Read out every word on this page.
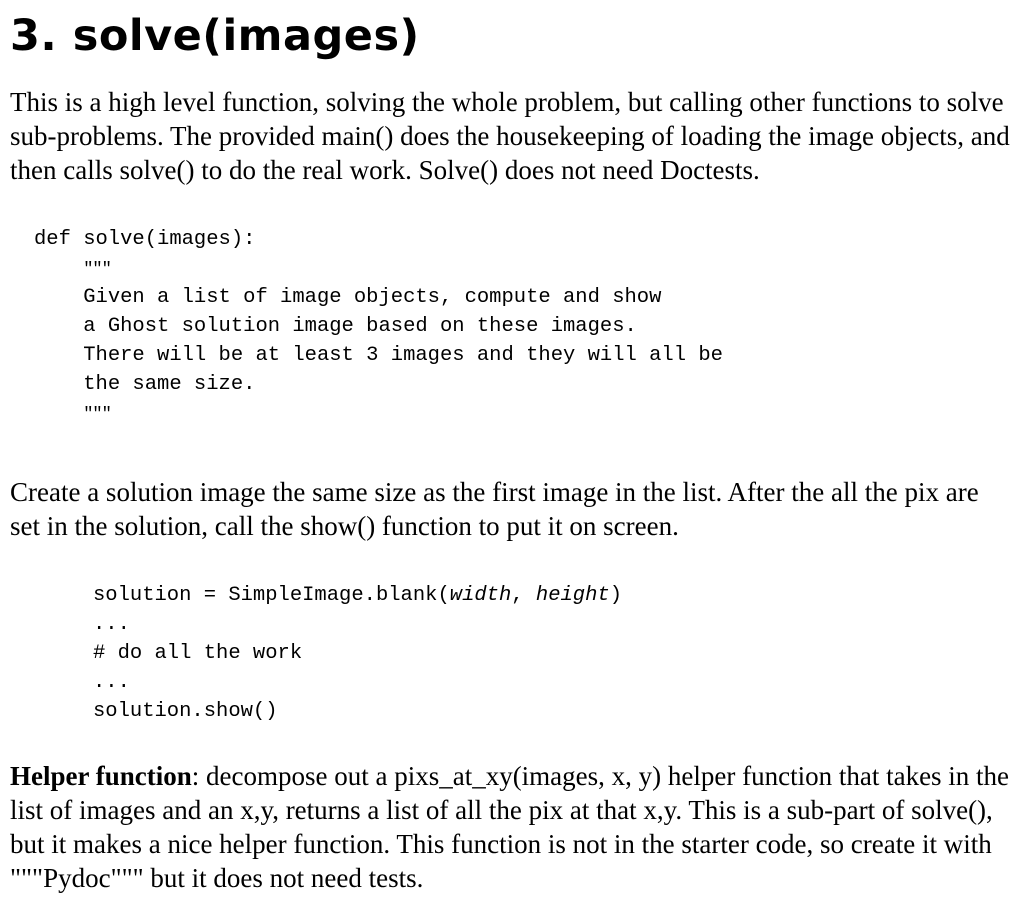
3. solve(images)

This is a high level function, solving the whole problem, but calling other functions to solve sub-problems. The provided main() does the housekeeping of loading the image objects, and then calls solve() to do the real work. Solve() does not need Doctests.

def solve(images):
"""
Given a list of image objects, compute and show
a Ghost solution image based on these images.
There will be at least 3 images and they will all be
the same size.
"""

Create a solution image the same size as the first image in the list. After the all the pix are set in the solution, call the show() function to put it on screen.

solution = SimpleImage.blank(width, height)
...
# do all the work
...
solution.show()

Helper function: decompose out a pixs_at_xy(images, x, y) helper function that takes in the list of images and an x,y, returns a list of all the pix at that x,y. This is a sub-part of solve(), but it makes a nice helper function. This function is not in the starter code, so create it with """Pydoc""" but it does not need tests.
